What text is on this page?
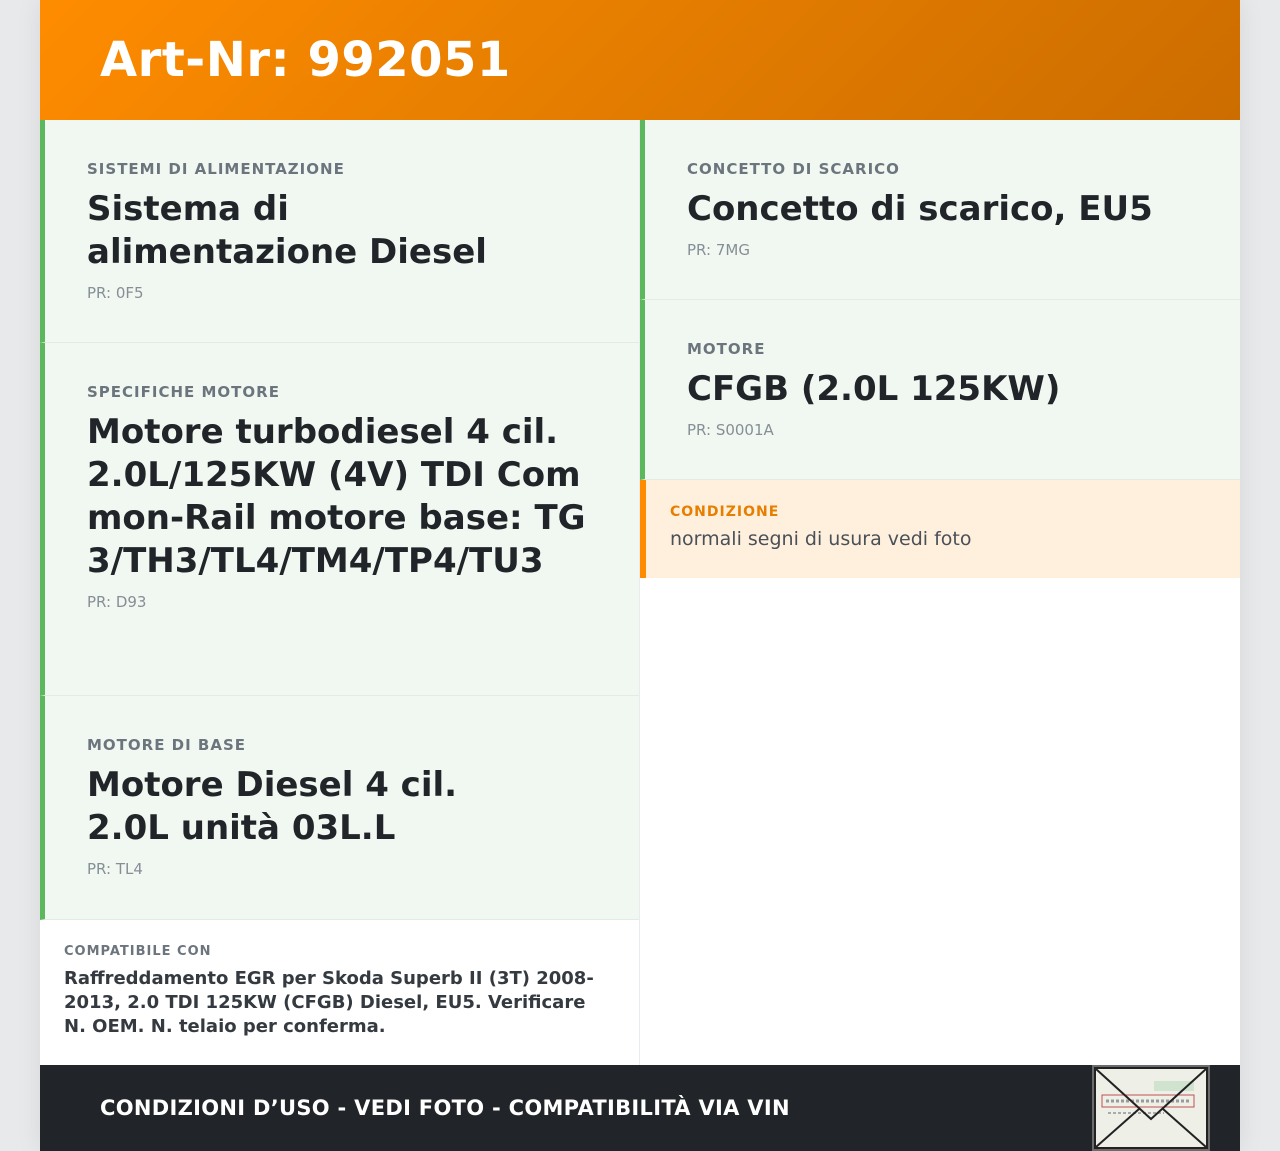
Art-Nr: 992051
SISTEMI DI ALIMENTAZIONE
Sistema di alimentazione Diesel
PR: 0F5
SPECIFICHE MOTORE
Motore turbodiesel 4 cil. 2.0L/125KW (4V) TDI Common-Rail motore base: TG3/TH3/TL4/TM4/TP4/TU3
PR: D93
MOTORE DI BASE
Motore Diesel 4 cil. 2.0L unità 03L.L
PR: TL4
COMPATIBILE CON
Raffreddamento EGR per Skoda Superb II (3T) 2008-2013, 2.0 TDI 125KW (CFGB) Diesel, EU5. Verificare N. OEM. N. telaio per conferma.
CONCETTO DI SCARICO
Concetto di scarico, EU5
PR: 7MG
MOTORE
CFGB (2.0L 125KW)
PR: S0001A
CONDIZIONE
normali segni di usura vedi foto
CONDIZIONI D’USO - VEDI FOTO - COMPATIBILITÀ VIA VIN
